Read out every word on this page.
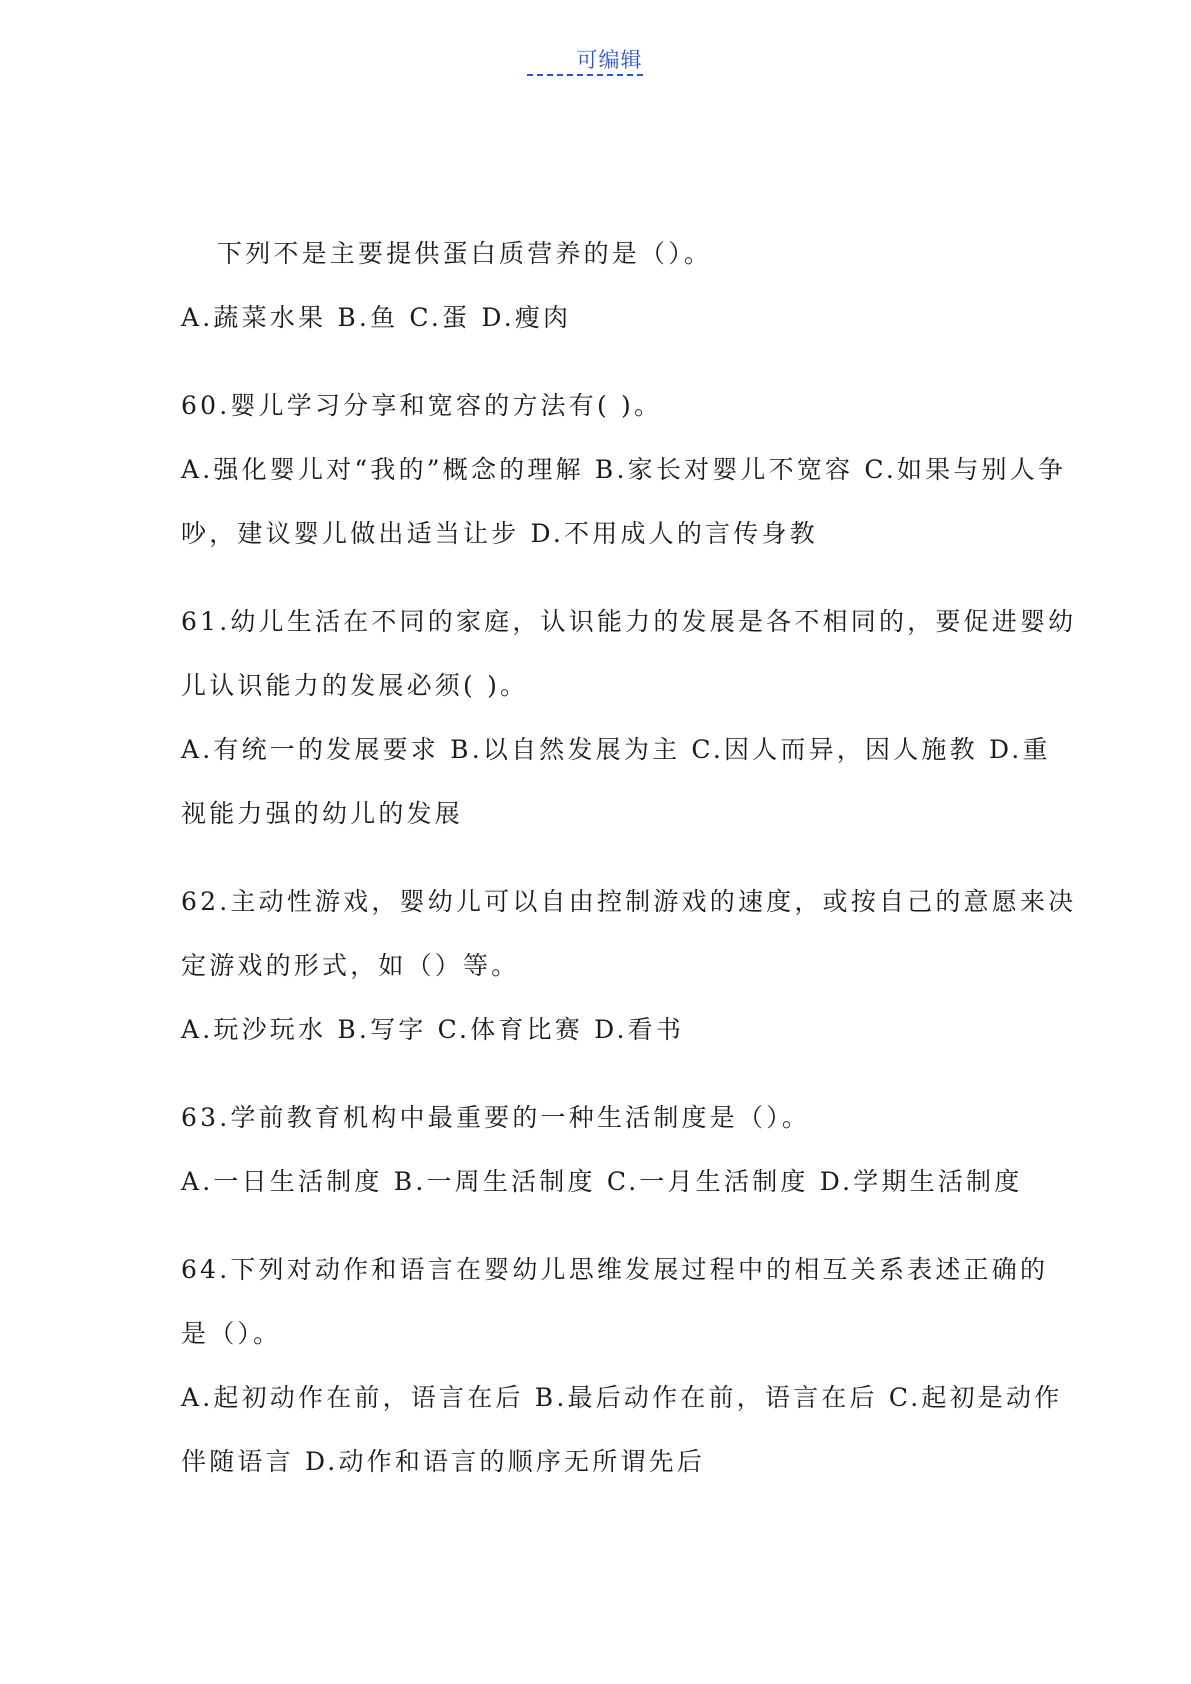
可编辑
下列不是主要提供蛋白质营养的是（）。
A.蔬菜水果 B.鱼 C.蛋 D.瘦肉
60.婴儿学习分享和宽容的方法有( )。
A.强化婴儿对“我的”概念的理解 B.家长对婴儿不宽容 C.如果与别人争
吵，建议婴儿做出适当让步 D.不用成人的言传身教
61.幼儿生活在不同的家庭，认识能力的发展是各不相同的，要促进婴幼
儿认识能力的发展必须( )。
A.有统一的发展要求 B.以自然发展为主 C.因人而异，因人施教 D.重
视能力强的幼儿的发展
62.主动性游戏，婴幼儿可以自由控制游戏的速度，或按自己的意愿来决
定游戏的形式，如（）等。
A.玩沙玩水 B.写字 C.体育比赛 D.看书
63.学前教育机构中最重要的一种生活制度是（）。
A.一日生活制度 B.一周生活制度 C.一月生活制度 D.学期生活制度
64.下列对动作和语言在婴幼儿思维发展过程中的相互关系表述正确的
是（）。
A.起初动作在前，语言在后 B.最后动作在前，语言在后 C.起初是动作
伴随语言 D.动作和语言的顺序无所谓先后
